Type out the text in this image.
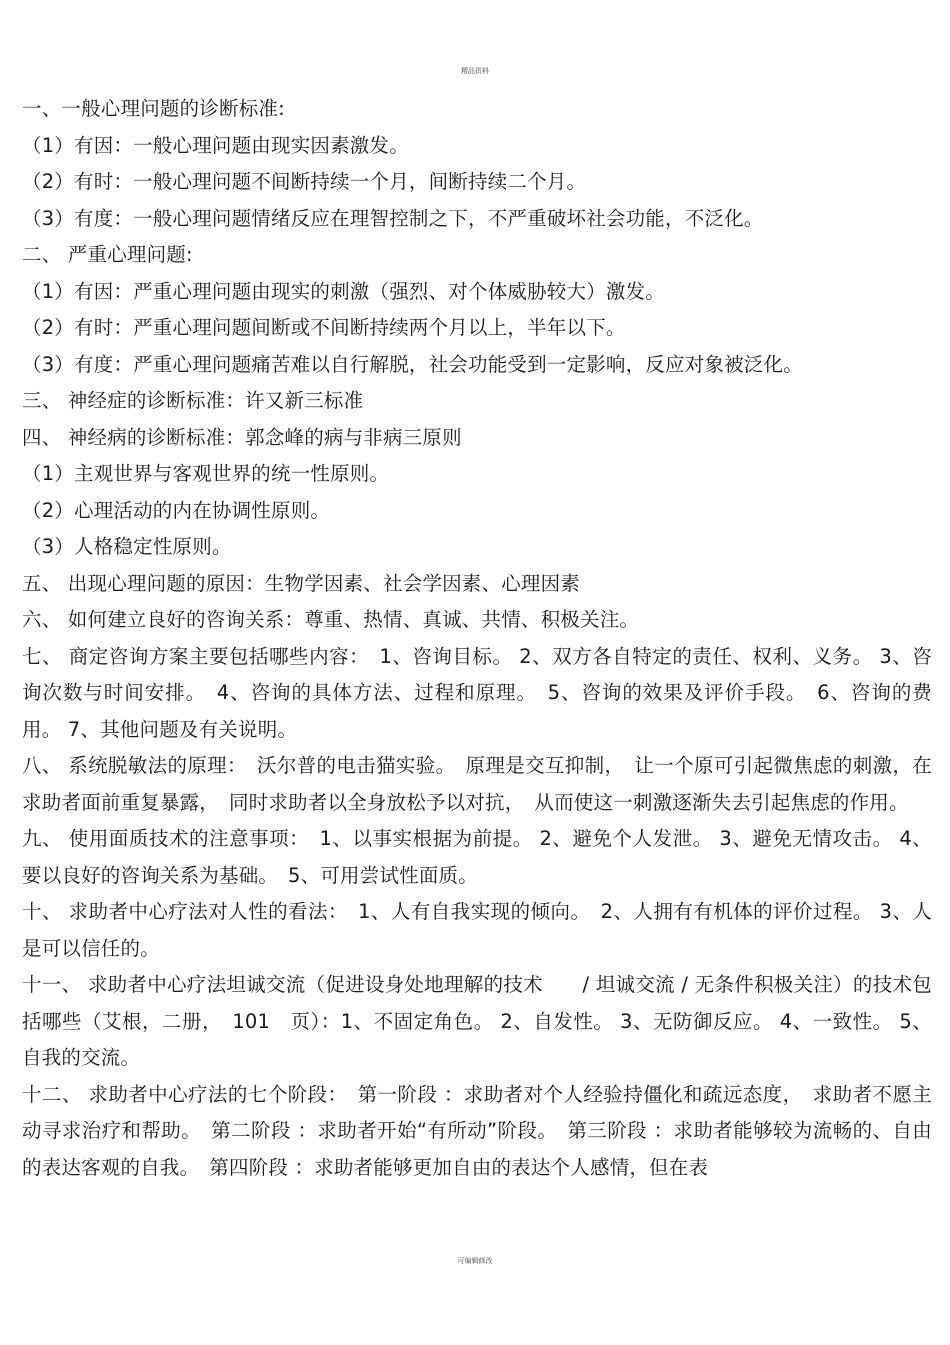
精品资料
一、一般心理问题的诊断标准:
（1）有因：一般心理问题由现实因素激发。
（2）有时：一般心理问题不间断持续一个月，间断持续二个月。
（3）有度：一般心理问题情绪反应在理智控制之下，不严重破坏社会功能，不泛化。
二、 严重心理问题:
（1）有因：严重心理问题由现实的刺激（强烈、对个体威胁较大）激发。
（2）有时：严重心理问题间断或不间断持续两个月以上，半年以下。
（3）有度：严重心理问题痛苦难以自行解脱，社会功能受到一定影响，反应对象被泛化。
三、 神经症的诊断标准：许又新三标准
四、 神经病的诊断标准：郭念峰的病与非病三原则
（1）主观世界与客观世界的统一性原则。
（2）心理活动的内在协调性原则。
（3）人格稳定性原则。
五、 出现心理问题的原因：生物学因素、社会学因素、心理因素
六、 如何建立良好的咨询关系：尊重、热情、真诚、共情、积极关注。
七、 商定咨询方案主要包括哪些内容：　1、咨询目标。 2、双方各自特定的责任、权利、义务。 3、咨询次数与时间安排。　4、咨询的具体方法、过程和原理。　5、咨询的效果及评价手段。　6、咨询的费用。 7、其他问题及有关说明。
八、 系统脱敏法的原理：　沃尔普的电击猫实验。　原理是交互抑制，　让一个原可引起微焦虑的刺激，在求助者面前重复暴露，　同时求助者以全身放松予以对抗，　从而使这一刺激逐渐失去引起焦虑的作用。
九、 使用面质技术的注意事项：　1、以事实根据为前提。 2、避免个人发泄。 3、避免无情攻击。 4、要以良好的咨询关系为基础。　5、可用尝试性面质。
十、 求助者中心疗法对人性的看法：　1、人有自我实现的倾向。　2、人拥有有机体的评价过程。 3、人是可以信任的。
十一、 求助者中心疗法坦诚交流（促进设身处地理解的技术　　/ 坦诚交流 / 无条件积极关注）的技术包括哪些（艾根，二册，　101　页）：1、不固定角色。 2、自发性。 3、无防御反应。 4、一致性。 5、自我的交流。
十二、 求助者中心疗法的七个阶段：　第一阶段 ：求助者对个人经验持僵化和疏远态度，　求助者不愿主动寻求治疗和帮助。　第二阶段 ：求助者开始“有所动”阶段。　第三阶段 ：求助者能够较为流畅的、自由的表达客观的自我。　第四阶段 ：求助者能够更加自由的表达个人感情，但在表
可编辑修改
